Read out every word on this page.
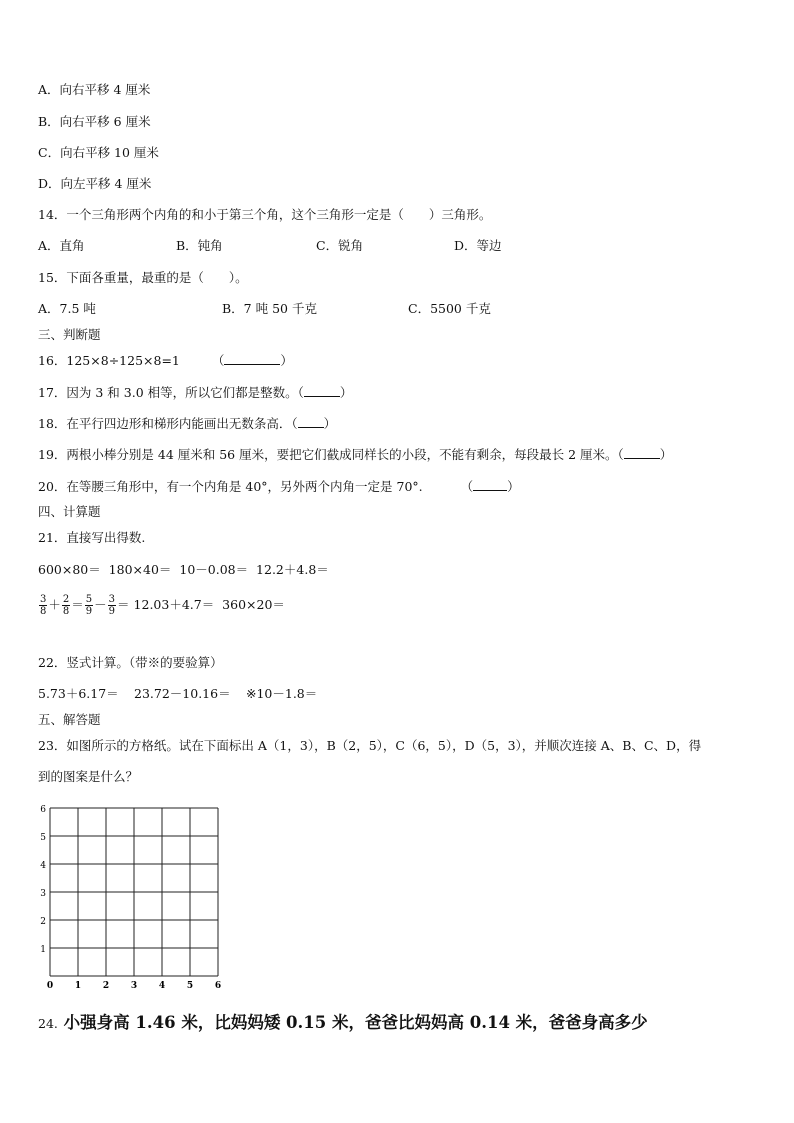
A．向右平移 4 厘米
B．向右平移 6 厘米
C．向右平移 10 厘米
D．向左平移 4 厘米
14．一个三角形两个内角的和小于第三个角，这个三角形一定是（　　）三角形。
A．直角	B．钝角	C．锐角	D．等边
15．下面各重量，最重的是（　　）。
A．7.5 吨	B．7 吨 50 千克	C．5500 千克
三、判断题
16．125×8÷125×8=1	（	）
17．因为 3 和 3.0 相等，所以它们都是整数。（	）
18．在平行四边形和梯形内能画出无数条高．（ ）
19．两根小棒分别是 44 厘米和 56 厘米，要把它们截成同样长的小段，不能有剩余，每段最长 2 厘米。（	）
20．在等腰三角形中，有一个内角是 40°，另外两个内角一定是 70°.	（	）
四、计算题
21．直接写出得数.
600×80＝  180×40＝  10－0.08＝  12.2＋4.8＝
$\frac{3}{8} + \frac{2}{8} = \frac{5}{9} - \frac{3}{9} = 12.03+4.7= 360\times 20=$
22．竖式计算。（带※的要验算）
5.73＋6.17＝ 23.72－10.16＝ ※10－1.8＝
五、解答题
23．如图所示的方格纸。试在下面标出 A（1，3），B（2，5），C（6，5），D（5，3），并顺次连接 A、B、C、D，得
到的图案是什么？
0 1 2 3 4 5 6
1
2
3
4
5
6
24. 小强身高 1.46 米，比妈妈矮 0.15 米，爸爸比妈妈高 0.14 米，爸爸身高多少
